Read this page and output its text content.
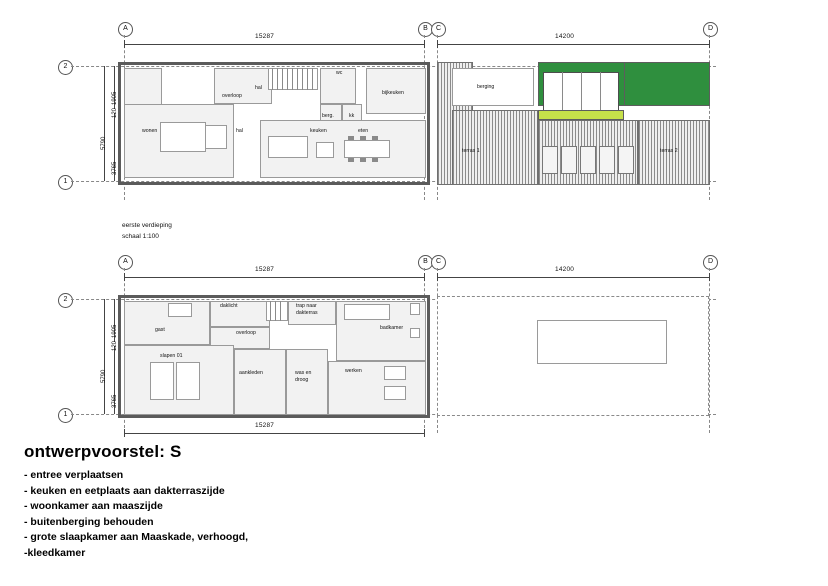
A	B	C	D
15287	14200
2
1
1905
120
3765
5790
wonen
overloop
hal
hal
wc
berg.	kk
bijkeuken
keuken	eten
berging
terras 1	terras 2
eerste verdieping
schaal 1:100
A	B	C	D
15287	14200
2
1
1905
120
3765
5790
gast
daklicht
overloop
trap naar
dakterras
badkamer
slapen 01
aankleden	was en
droog
werken
15287
ontwerpvoorstel: S
- entree verplaatsen
- keuken en eetplaats aan dakterraszijde
- woonkamer aan maaszijde
- buitenberging behouden
- grote slaapkamer aan Maaskade, verhoogd,
-kleedkamer
